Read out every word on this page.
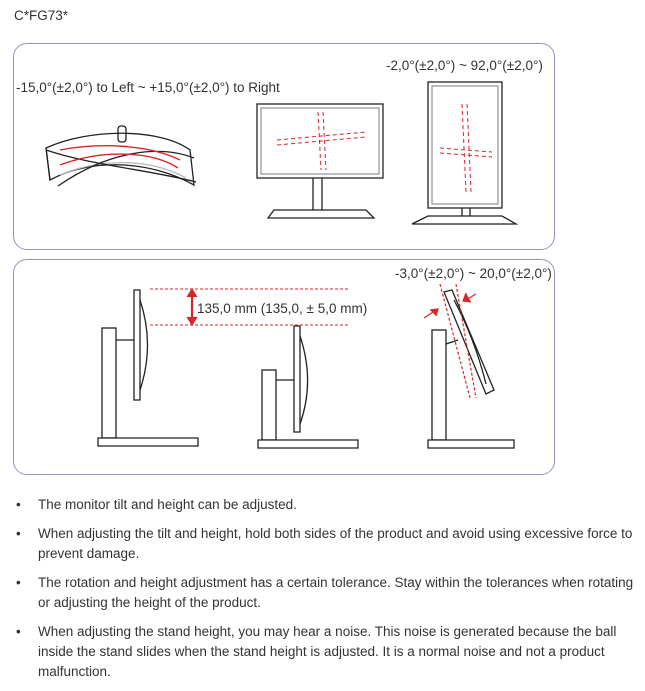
C*FG73*
-2,0°(±2,0°) ~ 92,0°(±2,0°)
-15,0°(±2,0°) to Left ~ +15,0°(±2,0°) to Right
135,0 mm (135,0, ± 5,0 mm)
-3,0°(±2,0°) ~ 20,0°(±2,0°)
• The monitor tilt and height can be adjusted.
• When adjusting the tilt and height, hold both sides of the product and avoid using excessive force to prevent damage.
• The rotation and height adjustment has a certain tolerance. Stay within the tolerances when rotating or adjusting the height of the product.
• When adjusting the stand height, you may hear a noise. This noise is generated because the ball inside the stand slides when the stand height is adjusted. It is a normal noise and not a product malfunction.
